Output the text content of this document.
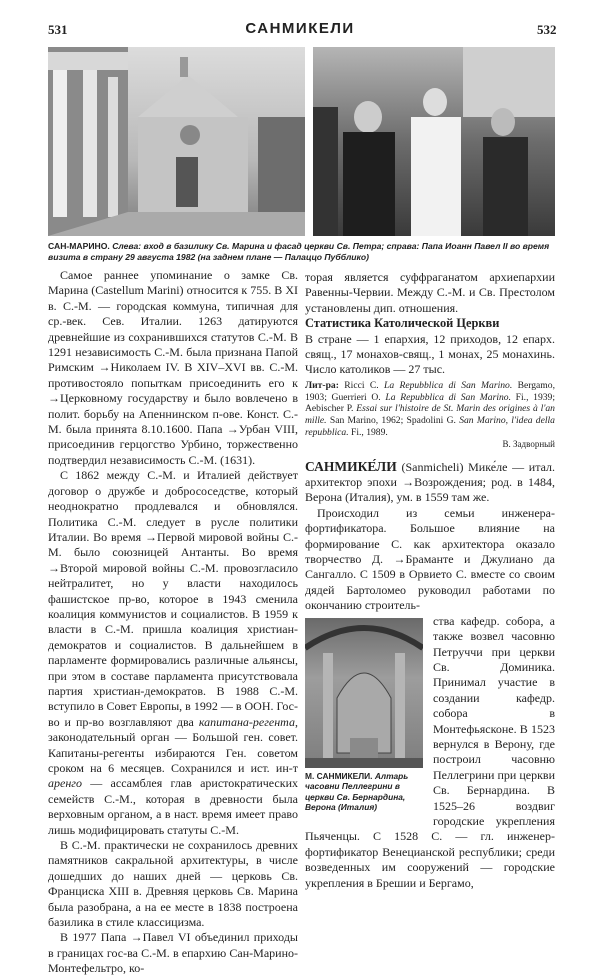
531	САНМИКЕЛИ	532
САН-МАРИНО. Слева: вход в базилику Св. Марина и фасад церкви Св. Петра; справа: Папа Иоанн Павел II во время визита в страну 29 августа 1982 (на заднем плане — Палаццо Пубблико)

Самое раннее упоминание о замке Св. Марина (Castellum Marini) относится к 755. В XI в. С.-М. — городская коммуна, типичная для ср.-век. Сев. Италии. 1263 датируются древнейшие из сохранившихся статутов С.-М. В 1291 независимость С.-М. была признана Папой Римским →Николаем IV. В XIV–XVI вв. С.-М. противостояло попыткам присоединить его к →Церковному государству и было вовлечено в полит. борьбу на Апеннинском п-ове. Конст. С.-М. была принята 8.10.1600. Папа →Урбан VIII, присоединив герцогство Урбино, торжественно подтвердил независимость С.-М. (1631).

С 1862 между С.-М. и Италией действует договор о дружбе и добрососедстве, который неоднократно продлевался и обновлялся. Политика С.-М. следует в русле политики Италии. Во время →Первой мировой войны С.-М. было союзницей Антанты. Во время →Второй мировой войны С.-М. провозгласило нейтралитет, но у власти находилось фашистское пр-во, которое в 1943 сменила коалиция коммунистов и социалистов. В 1959 к власти в С.-М. пришла коалиция христиан-демократов и социалистов. В дальнейшем в парламенте формировались различные альянсы, при этом в составе парламента присутствовала партия христиан-демократов. В 1988 С.-М. вступило в Совет Европы, в 1992 — в ООН. Гос-во и пр-во возглавляют два капитана-регента, законодательный орган — Большой ген. совет. Капитаны-регенты избираются Ген. советом сроком на 6 месяцев. Сохранился и ист. ин-т аренго — ассамблея глав аристократических семейств С.-М., которая в древности была верховным органом, а в наст. время имеет право лишь модифицировать статуты С.-М.

В С.-М. практически не сохранилось древних памятников сакральной архитектуры, в числе дошедших до наших дней — церковь Св. Франциска XIII в. Древняя церковь Св. Марина была разобрана, а на ее месте в 1838 построена базилика в стиле классицизма.

В 1977 Папа →Павел VI объединил приходы в границах гос-ва С.-М. в епархию Сан-Марино-Монтефельтро, ко-

торая является суффраганатом архиепархии Равенны-Червии. Между С.-М. и Св. Престолом установлены дип. отношения.

Статистика Католической Церкви

В стране — 1 епархия, 12 приходов, 12 епарх. свящ., 17 монахов-свящ., 1 монах, 25 монахинь. Число католиков — 27 тыс.

Лит-ра: Ricci C. La Repubblica di San Marino. Bergamo, 1903; Guerrieri O. La Repubblica di San Marino. Fi., 1939; Aebischer P. Essai sur l'histoire de St. Marin des origines à l'an mille. San Marino, 1962; Spadolini G. San Marino, l'idea della repubblica. Fi., 1989.
В. Задворный

САНМИКЕ́ЛИ (Sanmicheli) Мике́ле — итал. архитектор эпохи →Возрождения; род. в 1484, Верона (Италия), ум. в 1559 там же.

Происходил из семьи инженера-фортификатора. Большое влияние на формирование С. как архитектора оказало творчество Д. →Браманте и Джулиано да Сангалло. С 1509 в Орвието С. вместе со своим дядей Бартоломео руководил работами по окончанию строитель-

М. САНМИКЕЛИ. Алтарь часовни Пеллегрини в церкви Св. Бернардина, Верона (Италия)

ства кафедр. собора, а также возвел часовню Петруччи при церкви Св. Доминика. Принимал участие в создании кафедр. собора в Монтефьясконе. В 1523 вернулся в Верону, где построил часовню Пеллегрини при церкви Св. Бернардина. В 1525–26 воздвиг городские укрепления Пьяченцы. С 1528 С. — гл. инженер-фортификатор Венецианской республики; среди возведенных им сооружений — городские укрепления в Брешии и Бергамо,
